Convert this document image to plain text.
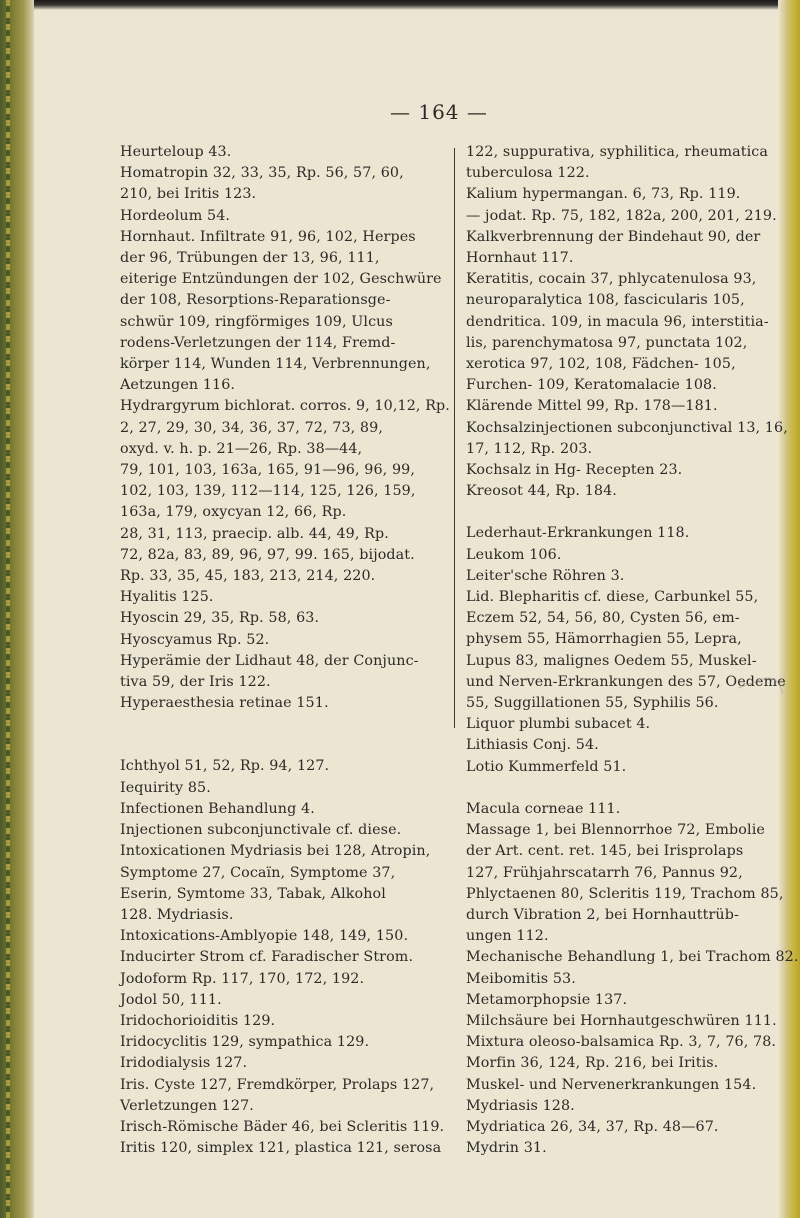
— 164 —
Heurteloup 43.
Homatropin 32, 33, 35, Rp. 56, 57, 60,
210, bei Iritis 123.
Hordeolum 54.
Hornhaut. Infiltrate 91, 96, 102, Herpes
der 96, Trübungen der 13, 96, 111,
eiterige Entzündungen der 102, Geschwüre
der 108, Resorptions-Reparationsge-
schwür 109, ringförmiges 109, Ulcus
rodens-Verletzungen der 114, Fremd-
körper 114, Wunden 114, Verbrennungen,
Aetzungen 116.
Hydrargyrum bichlorat. corros. 9, 10,12, Rp.
2, 27, 29, 30, 34, 36, 37, 72, 73, 89,
oxyd. v. h. p. 21—26, Rp. 38—44,
79, 101, 103, 163a, 165, 91—96, 96, 99,
102, 103, 139, 112—114, 125, 126, 159,
163a, 179, oxycyan 12, 66, Rp.
28, 31, 113, praecip. alb. 44, 49, Rp.
72, 82a, 83, 89, 96, 97, 99. 165, bijodat.
Rp. 33, 35, 45, 183, 213, 214, 220.
Hyalitis 125.
Hyoscin 29, 35, Rp. 58, 63.
Hyoscyamus Rp. 52.
Hyperämie der Lidhaut 48, der Conjunc-
tiva 59, der Iris 122.
Hyperaesthesia retinae 151.
Ichthyol 51, 52, Rp. 94, 127.
Iequirity 85.
Infectionen Behandlung 4.
Injectionen subconjunctivale cf. diese.
Intoxicationen Mydriasis bei 128, Atropin,
Symptome 27, Cocaïn, Symptome 37,
Eserin, Symtome 33, Tabak, Alkohol
128. Mydriasis.
Intoxications-Amblyopie 148, 149, 150.
Inducirter Strom cf. Faradischer Strom.
Jodoform Rp. 117, 170, 172, 192.
Jodol 50, 111.
Iridochorioiditis 129.
Iridocyclitis 129, sympathica 129.
Iridodialysis 127.
Iris. Cyste 127, Fremdkörper, Prolaps 127,
Verletzungen 127.
Irisch-Römische Bäder 46, bei Scleritis 119.
Iritis 120, simplex 121, plastica 121, serosa
122, suppurativa, syphilitica, rheumatica
tuberculosa 122.
Kalium hypermangan. 6, 73, Rp. 119.
— jodat. Rp. 75, 182, 182a, 200, 201, 219.
Kalkverbrennung der Bindehaut 90, der
Hornhaut 117.
Keratitis, cocain 37, phlycatenulosa 93,
neuroparalytica 108, fascicularis 105,
dendritica. 109, in macula 96, interstitia-
lis, parenchymatosa 97, punctata 102,
xerotica 97, 102, 108, Fädchen- 105,
Furchen- 109, Keratomalacie 108.
Klärende Mittel 99, Rp. 178—181.
Kochsalzinjectionen subconjunctival 13, 16,
17, 112, Rp. 203.
Kochsalz in Hg- Recepten 23.
Kreosot 44, Rp. 184.
Lederhaut-Erkrankungen 118.
Leukom 106.
Leiter'sche Röhren 3.
Lid. Blepharitis cf. diese, Carbunkel 55,
Eczem 52, 54, 56, 80, Cysten 56, em-
physem 55, Hämorrhagien 55, Lepra,
Lupus 83, malignes Oedem 55, Muskel-
und Nerven-Erkrankungen des 57, Oedeme
55, Suggillationen 55, Syphilis 56.
Liquor plumbi subacet 4.
Lithiasis Conj. 54.
Lotio Kummerfeld 51.
Macula corneae 111.
Massage 1, bei Blennorrhoe 72, Embolie
der Art. cent. ret. 145, bei Irisprolaps
127, Frühjahrscatarrh 76, Pannus 92,
Phlyctaenen 80, Scleritis 119, Trachom 85,
durch Vibration 2, bei Hornhauttrüb-
ungen 112.
Mechanische Behandlung 1, bei Trachom 82.
Meibomitis 53.
Metamorphopsie 137.
Milchsäure bei Hornhautgeschwüren 111.
Mixtura oleoso-balsamica Rp. 3, 7, 76, 78.
Morfin 36, 124, Rp. 216, bei Iritis.
Muskel- und Nervenerkrankungen 154.
Mydriasis 128.
Mydriatica 26, 34, 37, Rp. 48—67.
Mydrin 31.
